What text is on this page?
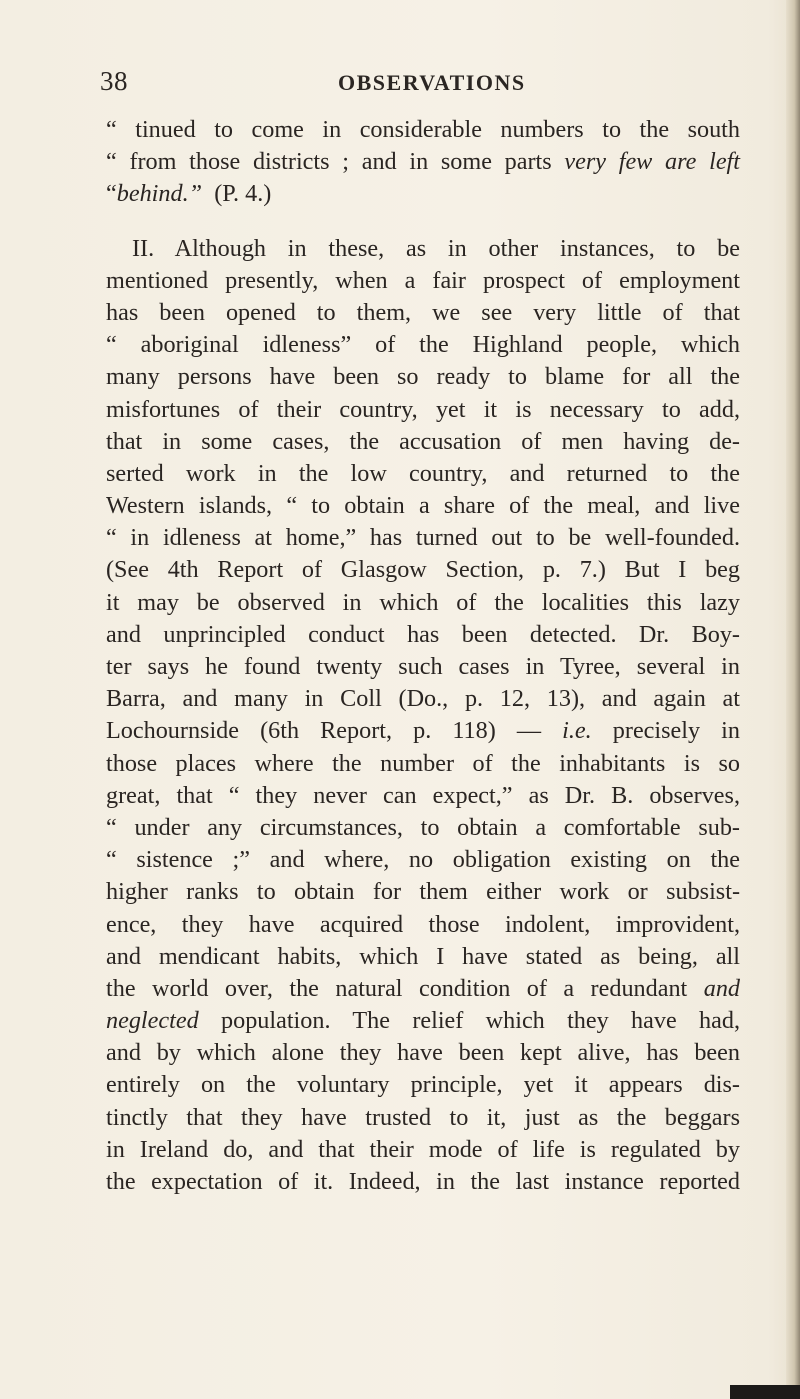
38	OBSERVATIONS
“ tinued to come in considerable numbers to the south
“ from those districts ; and in some parts very few are left
“behind.” (P. 4.)
II. Although in these, as in other instances, to be
mentioned presently, when a fair prospect of employment
has been opened to them, we see very little of that
“ aboriginal idleness” of the Highland people, which
many persons have been so ready to blame for all the
misfortunes of their country, yet it is necessary to add,
that in some cases, the accusation of men having de-
serted work in the low country, and returned to the
Western islands, “ to obtain a share of the meal, and live
“ in idleness at home,” has turned out to be well-founded.
(See 4th Report of Glasgow Section, p. 7.) But I beg
it may be observed in which of the localities this lazy
and unprincipled conduct has been detected. Dr. Boy-
ter says he found twenty such cases in Tyree, several in
Barra, and many in Coll (Do., p. 12, 13), and again at
Lochournside (6th Report, p. 118) — i.e. precisely in
those places where the number of the inhabitants is so
great, that “ they never can expect,” as Dr. B. observes,
“ under any circumstances, to obtain a comfortable sub-
“ sistence ;” and where, no obligation existing on the
higher ranks to obtain for them either work or subsist-
ence, they have acquired those indolent, improvident,
and mendicant habits, which I have stated as being, all
the world over, the natural condition of a redundant and
neglected population. The relief which they have had,
and by which alone they have been kept alive, has been
entirely on the voluntary principle, yet it appears dis-
tinctly that they have trusted to it, just as the beggars
in Ireland do, and that their mode of life is regulated by
the expectation of it. Indeed, in the last instance reported
